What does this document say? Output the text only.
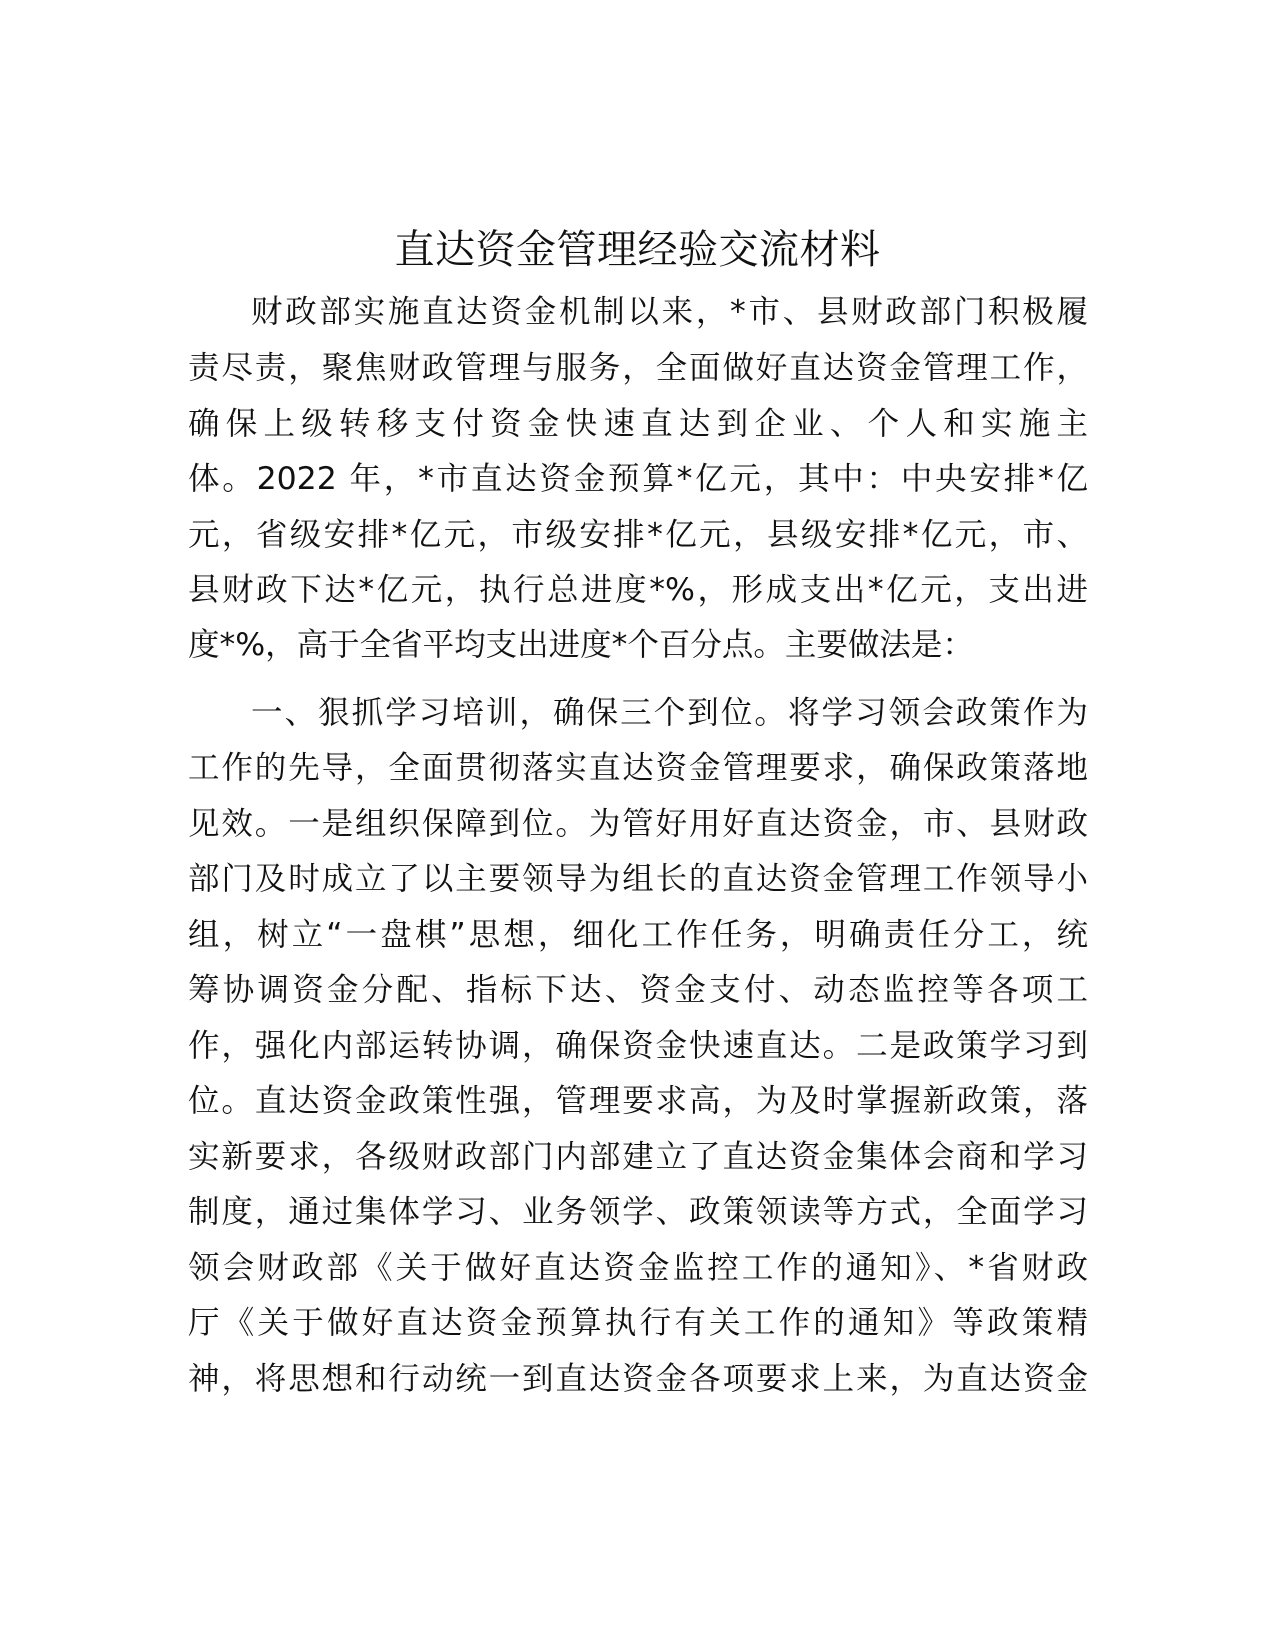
直达资金管理经验交流材料
财政部实施直达资金机制以来，*市、县财政部门积极履
责尽责，聚焦财政管理与服务，全面做好直达资金管理工作，
确保上级转移支付资金快速直达到企业、个人和实施主
体。2022 年，*市直达资金预算*亿元，其中：中央安排*亿
元，省级安排*亿元，市级安排*亿元，县级安排*亿元，市、
县财政下达*亿元，执行总进度*%，形成支出*亿元，支出进
度*%，高于全省平均支出进度*个百分点。主要做法是：
一、狠抓学习培训，确保三个到位。将学习领会政策作为
工作的先导，全面贯彻落实直达资金管理要求，确保政策落地
见效。一是组织保障到位。为管好用好直达资金，市、县财政
部门及时成立了以主要领导为组长的直达资金管理工作领导小
组，树立“一盘棋”思想，细化工作任务，明确责任分工，统
筹协调资金分配、指标下达、资金支付、动态监控等各项工
作，强化内部运转协调，确保资金快速直达。二是政策学习到
位。直达资金政策性强，管理要求高，为及时掌握新政策，落
实新要求，各级财政部门内部建立了直达资金集体会商和学习
制度，通过集体学习、业务领学、政策领读等方式，全面学习
领会财政部《关于做好直达资金监控工作的通知》、*省财政
厅《关于做好直达资金预算执行有关工作的通知》等政策精
神，将思想和行动统一到直达资金各项要求上来，为直达资金
